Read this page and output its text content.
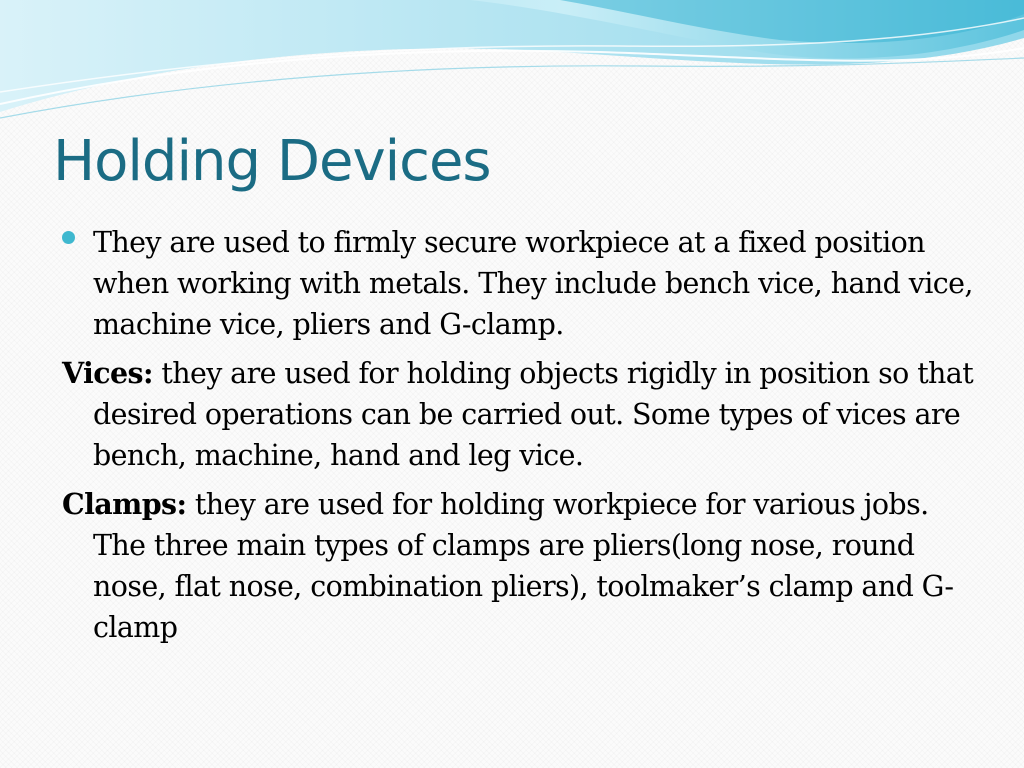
Holding Devices

They are used to firmly secure workpiece at a fixed position when working with metals. They include bench vice, hand vice, machine vice, pliers and G-clamp.

Vices: they are used for holding objects rigidly in position so that desired operations can be carried out. Some types of vices are bench, machine, hand and leg vice.

Clamps: they are used for holding workpiece for various jobs. The three main types of clamps are pliers(long nose, round nose, flat nose, combination pliers), toolmaker’s clamp and G-clamp
